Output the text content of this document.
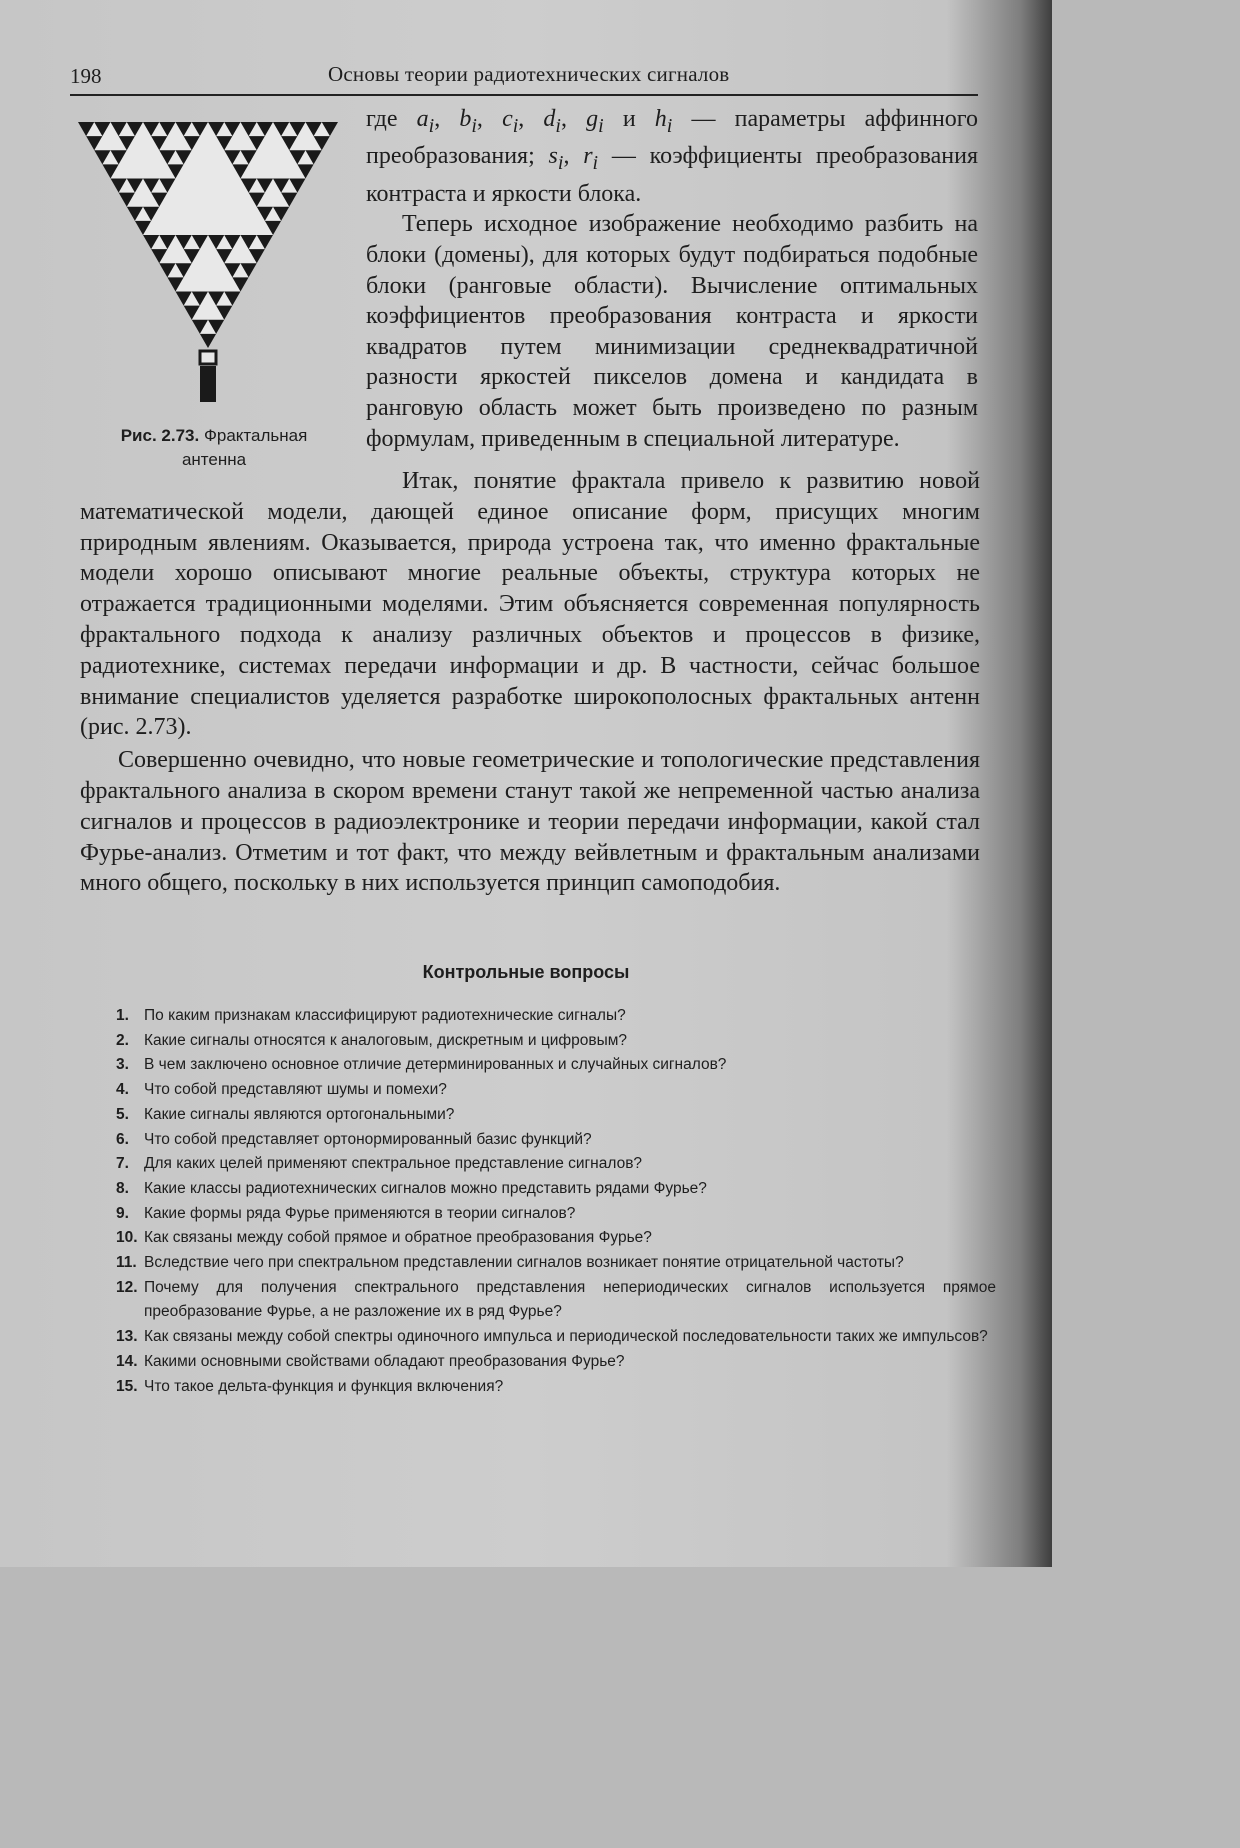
198	Основы теории радиотехнических сигналов
Рис. 2.73. Фрактальная антенна

где $a_i$, $b_i$, $c_i$, $d_i$, $g_i$ и $h_i$ — параметры аффинного преобразования; $s_i$, $r_i$ — коэффициенты преобразования контраста и яркости блока.

Теперь исходное изображение необходимо разбить на блоки (домены), для которых будут подбираться подобные блоки (ранговые области). Вычисление оптимальных коэффициентов преобразования контраста и яркости квадратов путем минимизации среднеквадратичной разности яркостей пикселов домена и кандидата в ранговую область может быть произведено по разным формулам, приведенным в специальной литературе.

Итак, понятие фрактала привело к развитию новой математической модели, дающей единое описание форм, присущих многим природным явлениям. Оказывается, природа устроена так, что именно фрактальные модели хорошо описывают многие реальные объекты, структура которых не отражается традиционными моделями. Этим объясняется современная популярность фрактального подхода к анализу различных объектов и процессов в физике, радиотехнике, системах передачи информации и др. В частности, сейчас большое внимание специалистов уделяется разработке широкополосных фрактальных антенн (рис. 2.73).

Совершенно очевидно, что новые геометрические и топологические представления фрактального анализа в скором времени станут такой же непременной частью анализа сигналов и процессов в радиоэлектронике и теории передачи информации, какой стал Фурье-анализ. Отметим и тот факт, что между вейвлетным и фрактальным анализами много общего, поскольку в них используется принцип самоподобия.

Контрольные вопросы
1. По каким признакам классифицируют радиотехнические сигналы?
2. Какие сигналы относятся к аналоговым, дискретным и цифровым?
3. В чем заключено основное отличие детерминированных и случайных сигналов?
4. Что собой представляют шумы и помехи?
5. Какие сигналы являются ортогональными?
6. Что собой представляет ортонормированный базис функций?
7. Для каких целей применяют спектральное представление сигналов?
8. Какие классы радиотехнических сигналов можно представить рядами Фурье?
9. Какие формы ряда Фурье применяются в теории сигналов?
10. Как связаны между собой прямое и обратное преобразования Фурье?
11. Вследствие чего при спектральном представлении сигналов возникает понятие отрицательной частоты?
12. Почему для получения спектрального представления непериодических сигналов используется прямое преобразование Фурье, а не разложение их в ряд Фурье?
13. Как связаны между собой спектры одиночного импульса и периодической последовательности таких же импульсов?
14. Какими основными свойствами обладают преобразования Фурье?
15. Что такое дельта-функция и функция включения?
